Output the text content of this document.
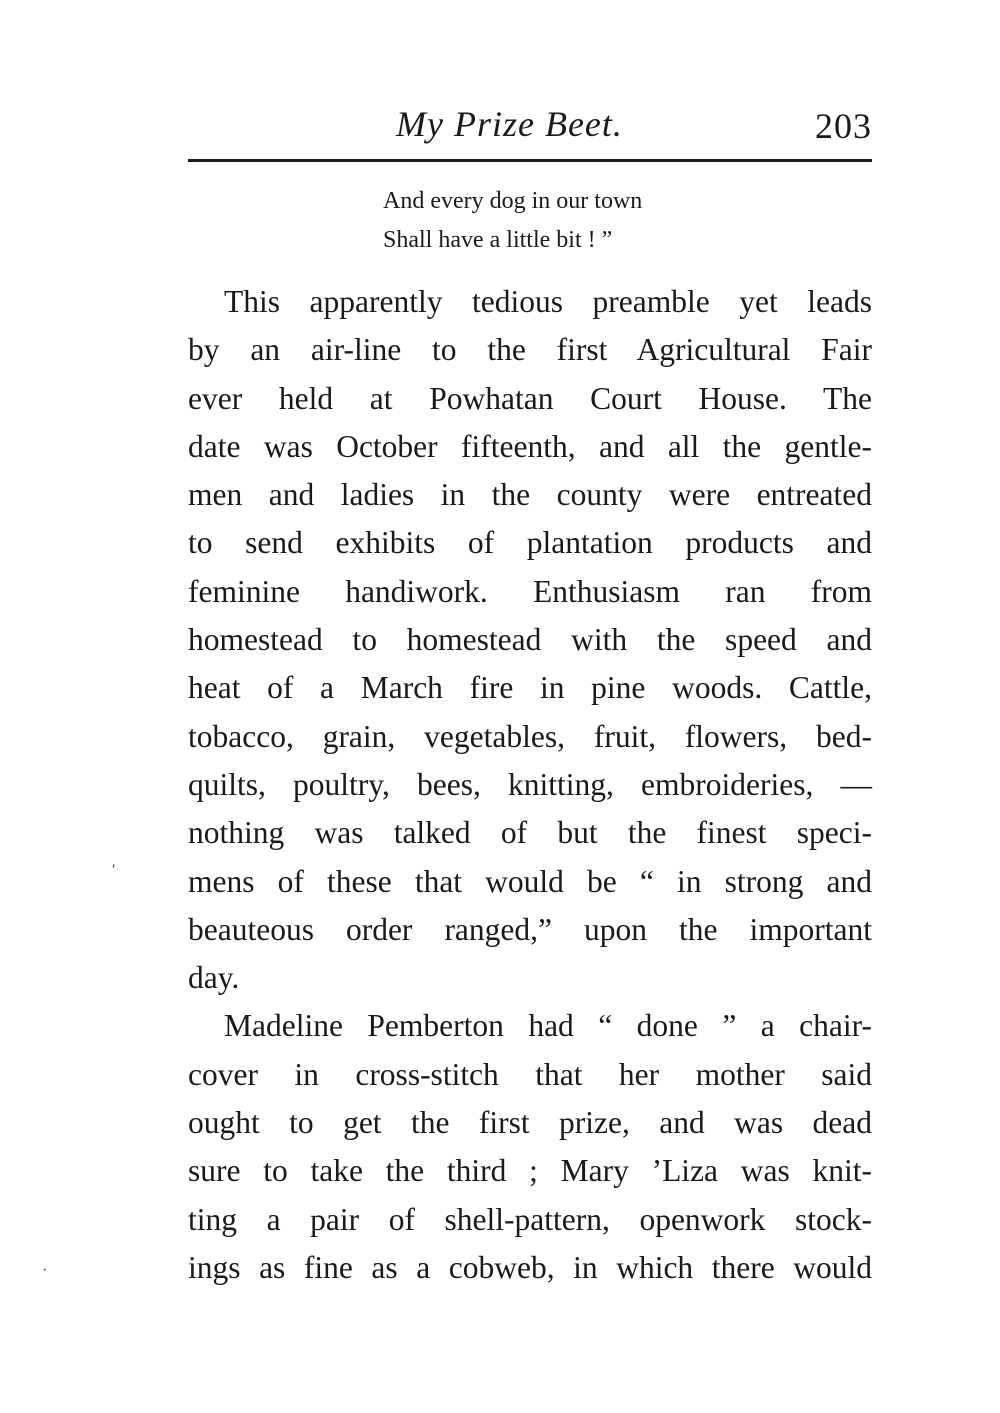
My Prize Beet.	203
And every dog in our town
Shall have a little bit ! ”
This apparently tedious preamble yet leads
by an air-line to the first Agricultural Fair
ever held at Powhatan Court House. The
date was October fifteenth, and all the gentle-
men and ladies in the county were entreated
to send exhibits of plantation products and
feminine handiwork. Enthusiasm ran from
homestead to homestead with the speed and
heat of a March fire in pine woods. Cattle,
tobacco, grain, vegetables, fruit, flowers, bed-
quilts, poultry, bees, knitting, embroideries, —
nothing was talked of but the finest speci-
mens of these that would be “ in strong and
beauteous order ranged,” upon the important
day.
Madeline Pemberton had “ done ” a chair-
cover in cross-stitch that her mother said
ought to get the first prize, and was dead
sure to take the third ; Mary ’Liza was knit-
ting a pair of shell-pattern, openwork stock-
ings as fine as a cobweb, in which there would
′
·
